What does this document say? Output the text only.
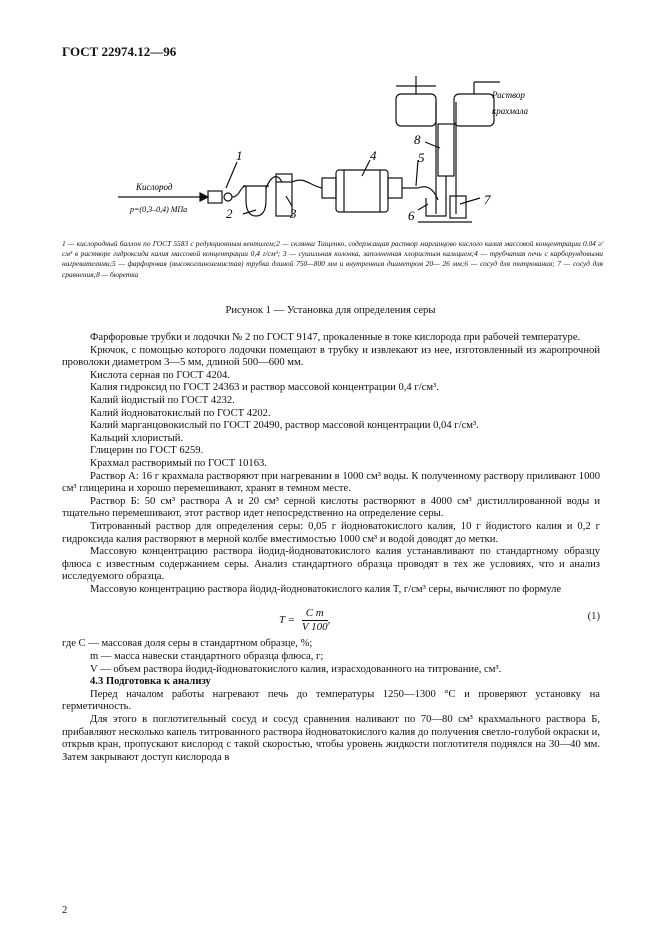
ГОСТ 22974.12—96
Кислород
p=(0,3–0,4) МПа
Раствор
крахмала
1
2	3
4	5
6
7
8
1 — кислородный баллон по ГОСТ 5583 с редукционным вентилем;2 — склянка Тищенко, содержащая раствор марганцово кислого калия массовой концентрации 0.04 г/см³ в растворе гидроксида калия массовой концентрации 0,4 г/см³; 3 — сушильная колонка, заполненная хлористым кальцием;4 — трубчатая печь с карборундовыми нагревателями;5 — фарфоровая (высокоглиноземистая) трубка длиной 750—800 мм и внутренним диаметром 20— 26 мм;6 — сосуд для титрования; 7 — сосуд для сравнения;8 — бюретка
Рисунок 1 — Установка для определения серы

Фарфоровые трубки и лодочки № 2 по ГОСТ 9147, прокаленные в токе кислорода при рабочей температуре.

Крючок, с помощью которого лодочки помещают в трубку и извлекают из нее, изготовленный из жаропрочной проволоки диаметром 3—5 мм, длиной 500—600 мм.

Кислота серная по ГОСТ 4204.

Калия гидроксид по ГОСТ 24363 и раствор массовой концентрации 0,4 г/см³.

Калий йодистый по ГОСТ 4232.

Калий йодноватокислый по ГОСТ 4202.

Калий марганцовокислый по ГОСТ 20490, раствор массовой концентрации 0,04 г/см³.

Кальций хлористый.

Глицерин по ГОСТ 6259.

Крахмал растворимый по ГОСТ 10163.

Раствор А: 16 г крахмала растворяют при нагревании в 1000 см³ воды. К полученному раствору приливают 1000 см³ глицерина и хорошо перемешивают, хранят в темном месте.

Раствор Б: 50 см³ раствора А и 20 см³ серной кислоты растворяют в 4000 см³ дистиллированной воды и тщательно перемешивают, этот раствор идет непосредственно на определение серы.

Титрованный раствор для определения серы: 0,05 г йодноватокислого калия, 10 г йодистого калия и 0,2 г гидроксида калия растворяют в мерной колбе вместимостью 1000 см³ и водой доводят до метки.

Массовую концентрацию раствора йодид-йодноватокислого калия устанавливают по стандартному образцу флюса с известным содержанием серы. Анализ стандартного образца проводят в тех же условиях, что и анализ исследуемого образца.

Массовую концентрацию раствора йодид-йодноватокислого калия T, г/см³ серы, вычисляют по формуле

$T = \frac{\text{C m}}{V 100}$ ,	(1)

где C — массовая доля серы в стандартном образце, %;

m — масса навески стандартного образца флюса, г;

V — объем раствора йодид-йодноватокислого калия, израсходованного на титрование, см³.

4.3 Подготовка к анализу

Перед началом работы нагревают печь до температуры 1250—1300 °С и проверяют установку на герметичность.

Для этого в поглотительный сосуд и сосуд сравнения наливают по 70—80 см³ крахмального раствора Б, прибавляют несколько капель титрованного раствора йодноватокислого калия до получения светло-голубой окраски и, открыв кран, пропускают кислород с такой скоростью, чтобы уровень жидкости поглотителя поднялся на 30—40 мм. Затем закрывают доступ кислорода в

2
